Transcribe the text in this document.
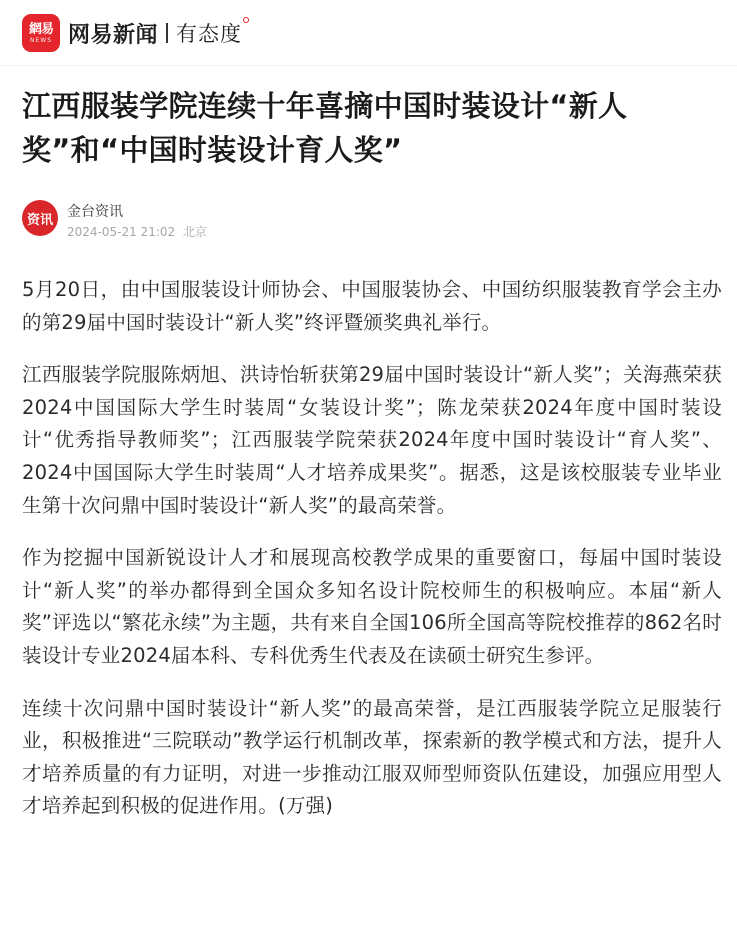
網易
NEWS 网易新闻 有态度
江西服装学院连续十年喜摘中国时装设计“新人奖”和“中国时装设计育人奖”
资讯 金台资讯
2024-05-21 21:02 北京

5月20日，由中国服装设计师协会、中国服装协会、中国纺织服装教育学会主办的第29届中国时装设计“新人奖”终评暨颁奖典礼举行。

江西服装学院服陈炳旭、洪诗怡斩获第29届中国时装设计“新人奖”；关海燕荣获2024中国国际大学生时装周“女装设计奖”；陈龙荣获2024年度中国时装设计“优秀指导教师奖”；江西服装学院荣获2024年度中国时装设计“育人奖”、2024中国国际大学生时装周“人才培养成果奖”。据悉，这是该校服装专业毕业生第十次问鼎中国时装设计“新人奖”的最高荣誉。

作为挖掘中国新锐设计人才和展现高校教学成果的重要窗口，每届中国时装设计“新人奖”的举办都得到全国众多知名设计院校师生的积极响应。本届“新人奖”评选以“繁花永续”为主题，共有来自全国106所全国高等院校推荐的862名时装设计专业2024届本科、专科优秀生代表及在读硕士研究生参评。

连续十次问鼎中国时装设计“新人奖”的最高荣誉，是江西服装学院立足服装行业，积极推进“三院联动”教学运行机制改革，探索新的教学模式和方法，提升人才培养质量的有力证明，对进一步推动江服双师型师资队伍建设，加强应用型人才培养起到积极的促进作用。(万强)
